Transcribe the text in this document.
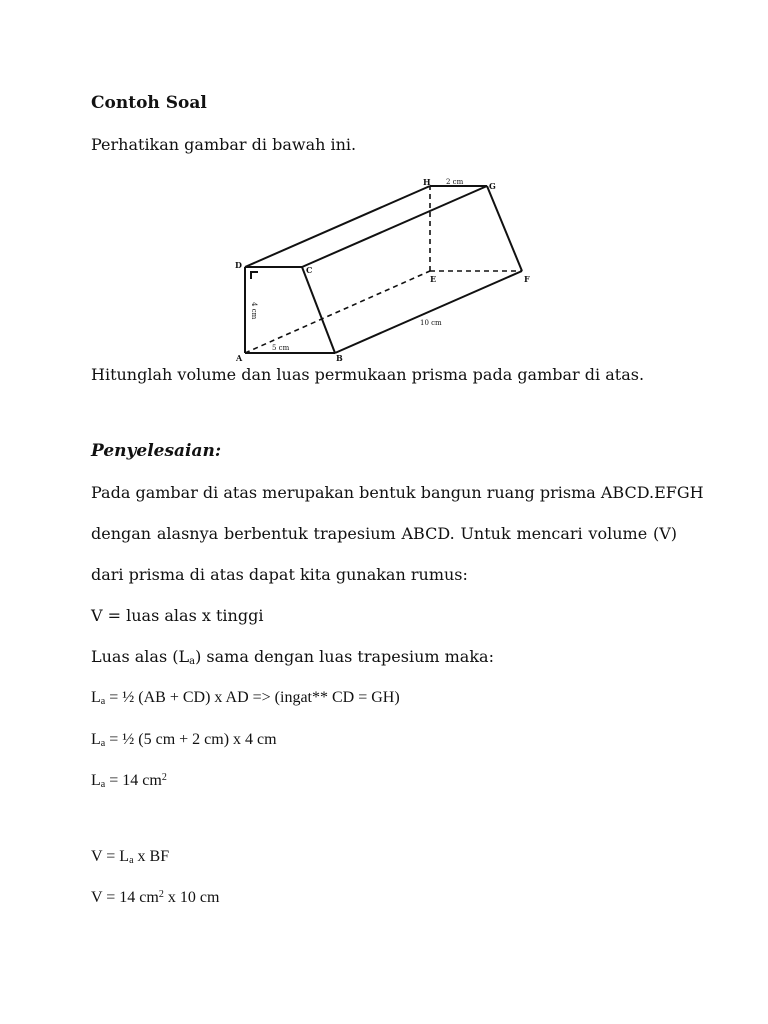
Contoh Soal
Perhatikan gambar di bawah ini.
A	B
C
D
E	F
G
H 2 cm
5 cm
10 cm
4 cm
Hitunglah volume dan luas permukaan prisma pada gambar di atas.
Penyelesaian:
Pada gambar di atas merupakan bentuk bangun ruang prisma ABCD.EFGH
dengan alasnya berbentuk trapesium ABCD. Untuk mencari volume (V)
dari prisma di atas dapat kita gunakan rumus:
V = luas alas x tinggi
Luas alas $(L_a)$ sama dengan luas trapesium maka:
$L_a$ = ½ (AB + CD) x AD => (ingat** CD = GH)
$L_a$ = ½ (5 cm + 2 cm) x 4 cm
$L_a = 14$ $cm^2$
$V = L_a$ x BF
V = 14 $cm^2$ x 10 cm
